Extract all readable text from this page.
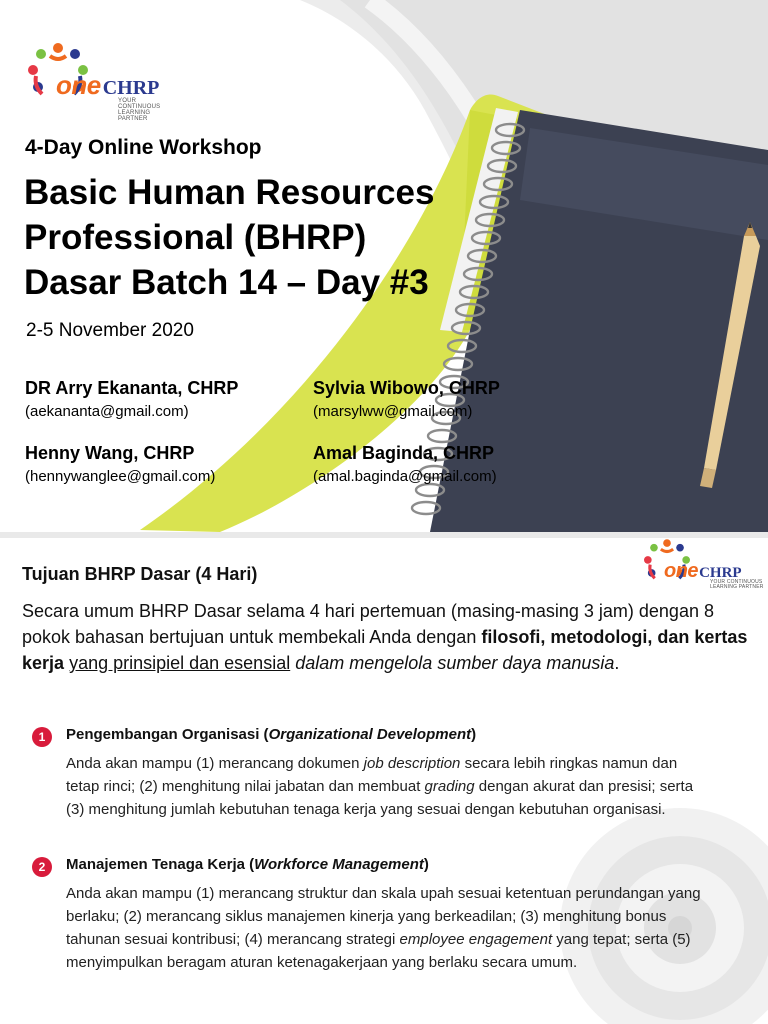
one CHRP
YOUR CONTINUOUS
LEARNING PARTNER
4-Day Online Workshop
Basic Human Resources
Professional (BHRP)
Dasar Batch 14 – Day #3
2-5 November 2020
DR Arry Ekananta, CHRP
(aekananta@gmail.com)
Sylvia Wibowo, CHRP
(marsylww@gmail.com)
Henny Wang, CHRP
(hennywanglee@gmail.com)
Amal Baginda, CHRP
(amal.baginda@gmail.com)
oneCHRP
YOUR CONTINUOUS
LEARNING PARTNER
Tujuan BHRP Dasar (4 Hari)
Secara umum BHRP Dasar selama 4 hari pertemuan (masing-masing 3 jam) dengan 8 pokok bahasan bertujuan untuk membekali Anda dengan filosofi, metodologi, dan kertas kerja yang prinsipiel dan esensial dalam mengelola sumber daya manusia.
1	Pengembangan Organisasi (Organizational Development)
Anda akan mampu (1) merancang dokumen job description secara lebih ringkas namun dan tetap rinci; (2) menghitung nilai jabatan dan membuat grading dengan akurat dan presisi; serta (3) menghitung jumlah kebutuhan tenaga kerja yang sesuai dengan kebutuhan organisasi.
2	Manajemen Tenaga Kerja (Workforce Management)
Anda akan mampu (1) merancang struktur dan skala upah sesuai ketentuan perundangan yang berlaku; (2) merancang siklus manajemen kinerja yang berkeadilan; (3) menghitung bonus tahunan sesuai kontribusi; (4) merancang strategi employee engagement yang tepat; serta (5) menyimpulkan beragam aturan ketenagakerjaan yang berlaku secara umum.
